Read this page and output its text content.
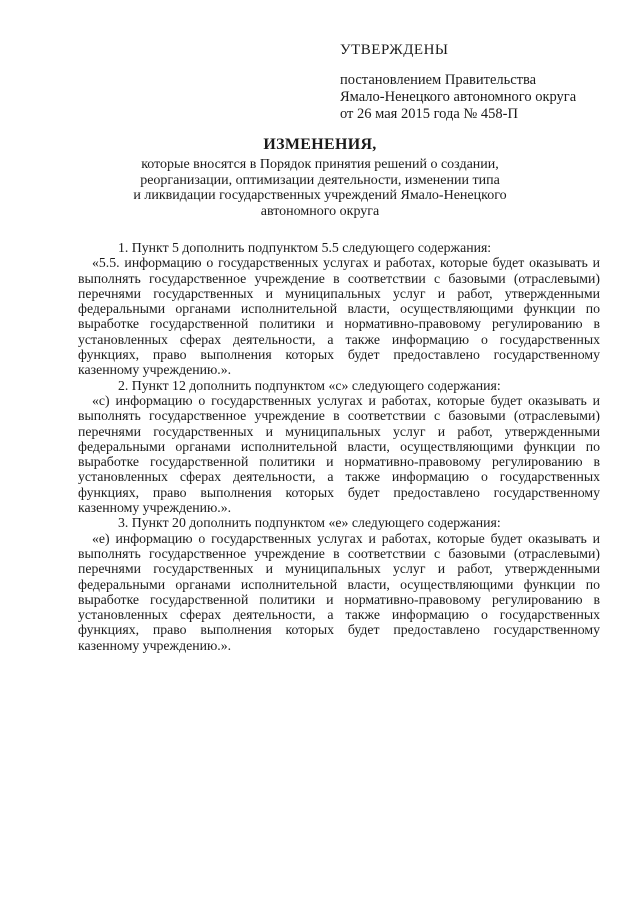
УТВЕРЖДЕНЫ
постановлением Правительства
Ямало-Ненецкого автономного округа
от 26 мая 2015 года № 458-П
ИЗМЕНЕНИЯ,
которые вносятся в Порядок принятия решений о создании,
реорганизации, оптимизации деятельности, изменении типа
и ликвидации государственных учреждений Ямало-Ненецкого
автономного округа

1. Пункт 5 дополнить подпунктом 5.5 следующего содержания:

«5.5. информацию о государственных услугах и работах, которые будет оказывать и выполнять государственное учреждение в соответствии с базовыми (отраслевыми) перечнями государственных и муниципальных услуг и работ, утвержденными федеральными органами исполнительной власти, осуществляющими функции по выработке государственной политики и нормативно-правовому регулированию в установленных сферах деятельности, а также информацию о государственных функциях, право выполнения которых будет предоставлено государственному казенному учреждению.».

2. Пункт 12 дополнить подпунктом «с» следующего содержания:

«с) информацию о государственных услугах и работах, которые будет оказывать и выполнять государственное учреждение в соответствии с базовыми (отраслевыми) перечнями государственных и муниципальных услуг и работ, утвержденными федеральными органами исполнительной власти, осуществляющими функции по выработке государственной политики и нормативно-правовому регулированию в установленных сферах деятельности, а также информацию о государственных функциях, право выполнения которых будет предоставлено государственному казенному учреждению.».

3. Пункт 20 дополнить подпунктом «е» следующего содержания:

«е) информацию о государственных услугах и работах, которые будет оказывать и выполнять государственное учреждение в соответствии с базовыми (отраслевыми) перечнями государственных и муниципальных услуг и работ, утвержденными федеральными органами исполнительной власти, осуществляющими функции по выработке государственной политики и нормативно-правовому регулированию в установленных сферах деятельности, а также информацию о государственных функциях, право выполнения которых будет предоставлено государственному казенному учреждению.».
